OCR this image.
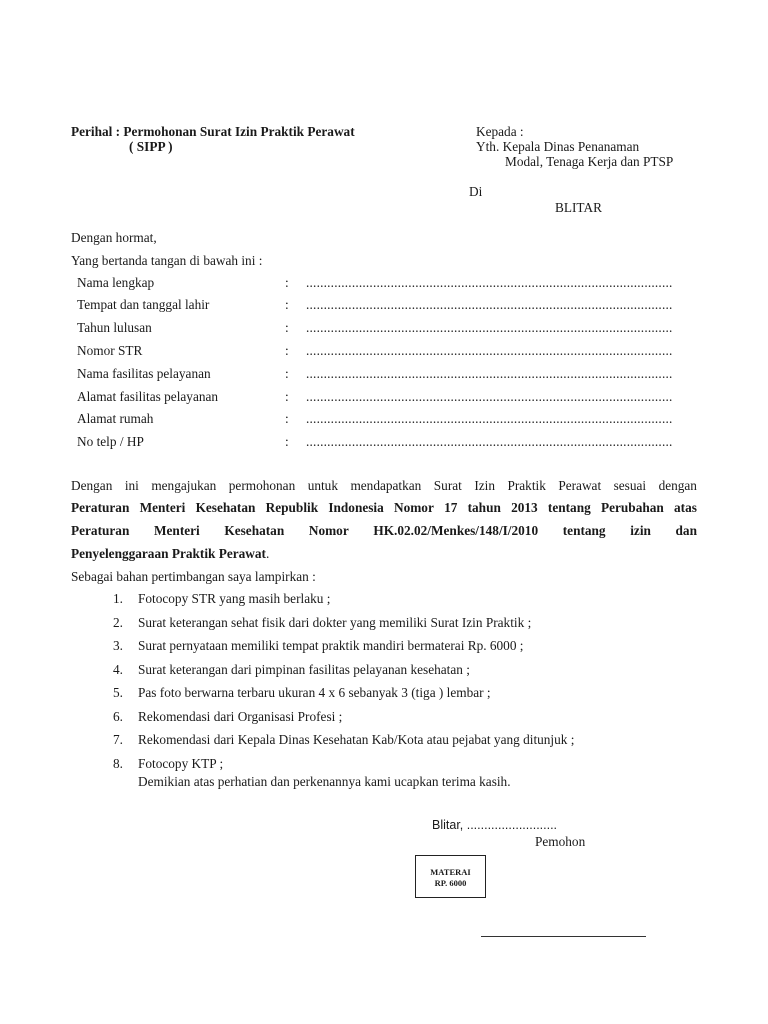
Perihal : Permohonan Surat Izin Praktik Perawat
( SIPP )
Kepada :
Yth. Kepala Dinas Penanaman
Modal, Tenaga Kerja dan PTSP
Di
BLITAR
Dengan hormat,
Yang bertanda tangan di bawah ini :
Nama lengkap	: ........................................................................................................
Tempat dan tanggal lahir	: ........................................................................................................
Tahun lulusan	: ........................................................................................................
Nomor STR	: ........................................................................................................
Nama fasilitas pelayanan	: ........................................................................................................
Alamat fasilitas pelayanan	: ........................................................................................................
Alamat rumah	: ........................................................................................................
No telp / HP	: ........................................................................................................
Dengan ini mengajukan permohonan untuk mendapatkan Surat Izin Praktik Perawat sesuai dengan
Peraturan Menteri Kesehatan Republik Indonesia Nomor 17 tahun 2013 tentang Perubahan atas
Peraturan Menteri Kesehatan Nomor HK.02.02/Menkes/148/I/2010 tentang izin dan
Penyelenggaraan Praktik Perawat.
Sebagai bahan pertimbangan saya lampirkan :
1. Fotocopy STR yang masih berlaku ;
2. Surat keterangan sehat fisik dari dokter yang memiliki Surat Izin Praktik ;
3. Surat pernyataan memiliki tempat praktik mandiri bermaterai Rp. 6000 ;
4. Surat keterangan dari pimpinan fasilitas pelayanan kesehatan ;
5. Pas foto berwarna terbaru ukuran 4 x 6 sebanyak 3 (tiga ) lembar ;
6. Rekomendasi dari Organisasi Profesi ;
7. Rekomendasi dari Kepala Dinas Kesehatan Kab/Kota atau pejabat yang ditunjuk ;
8. Fotocopy KTP ;
Demikian atas perhatian dan perkenannya kami ucapkan terima kasih.
Blitar, ..........................
Pemohon
MATERAI
RP. 6000
